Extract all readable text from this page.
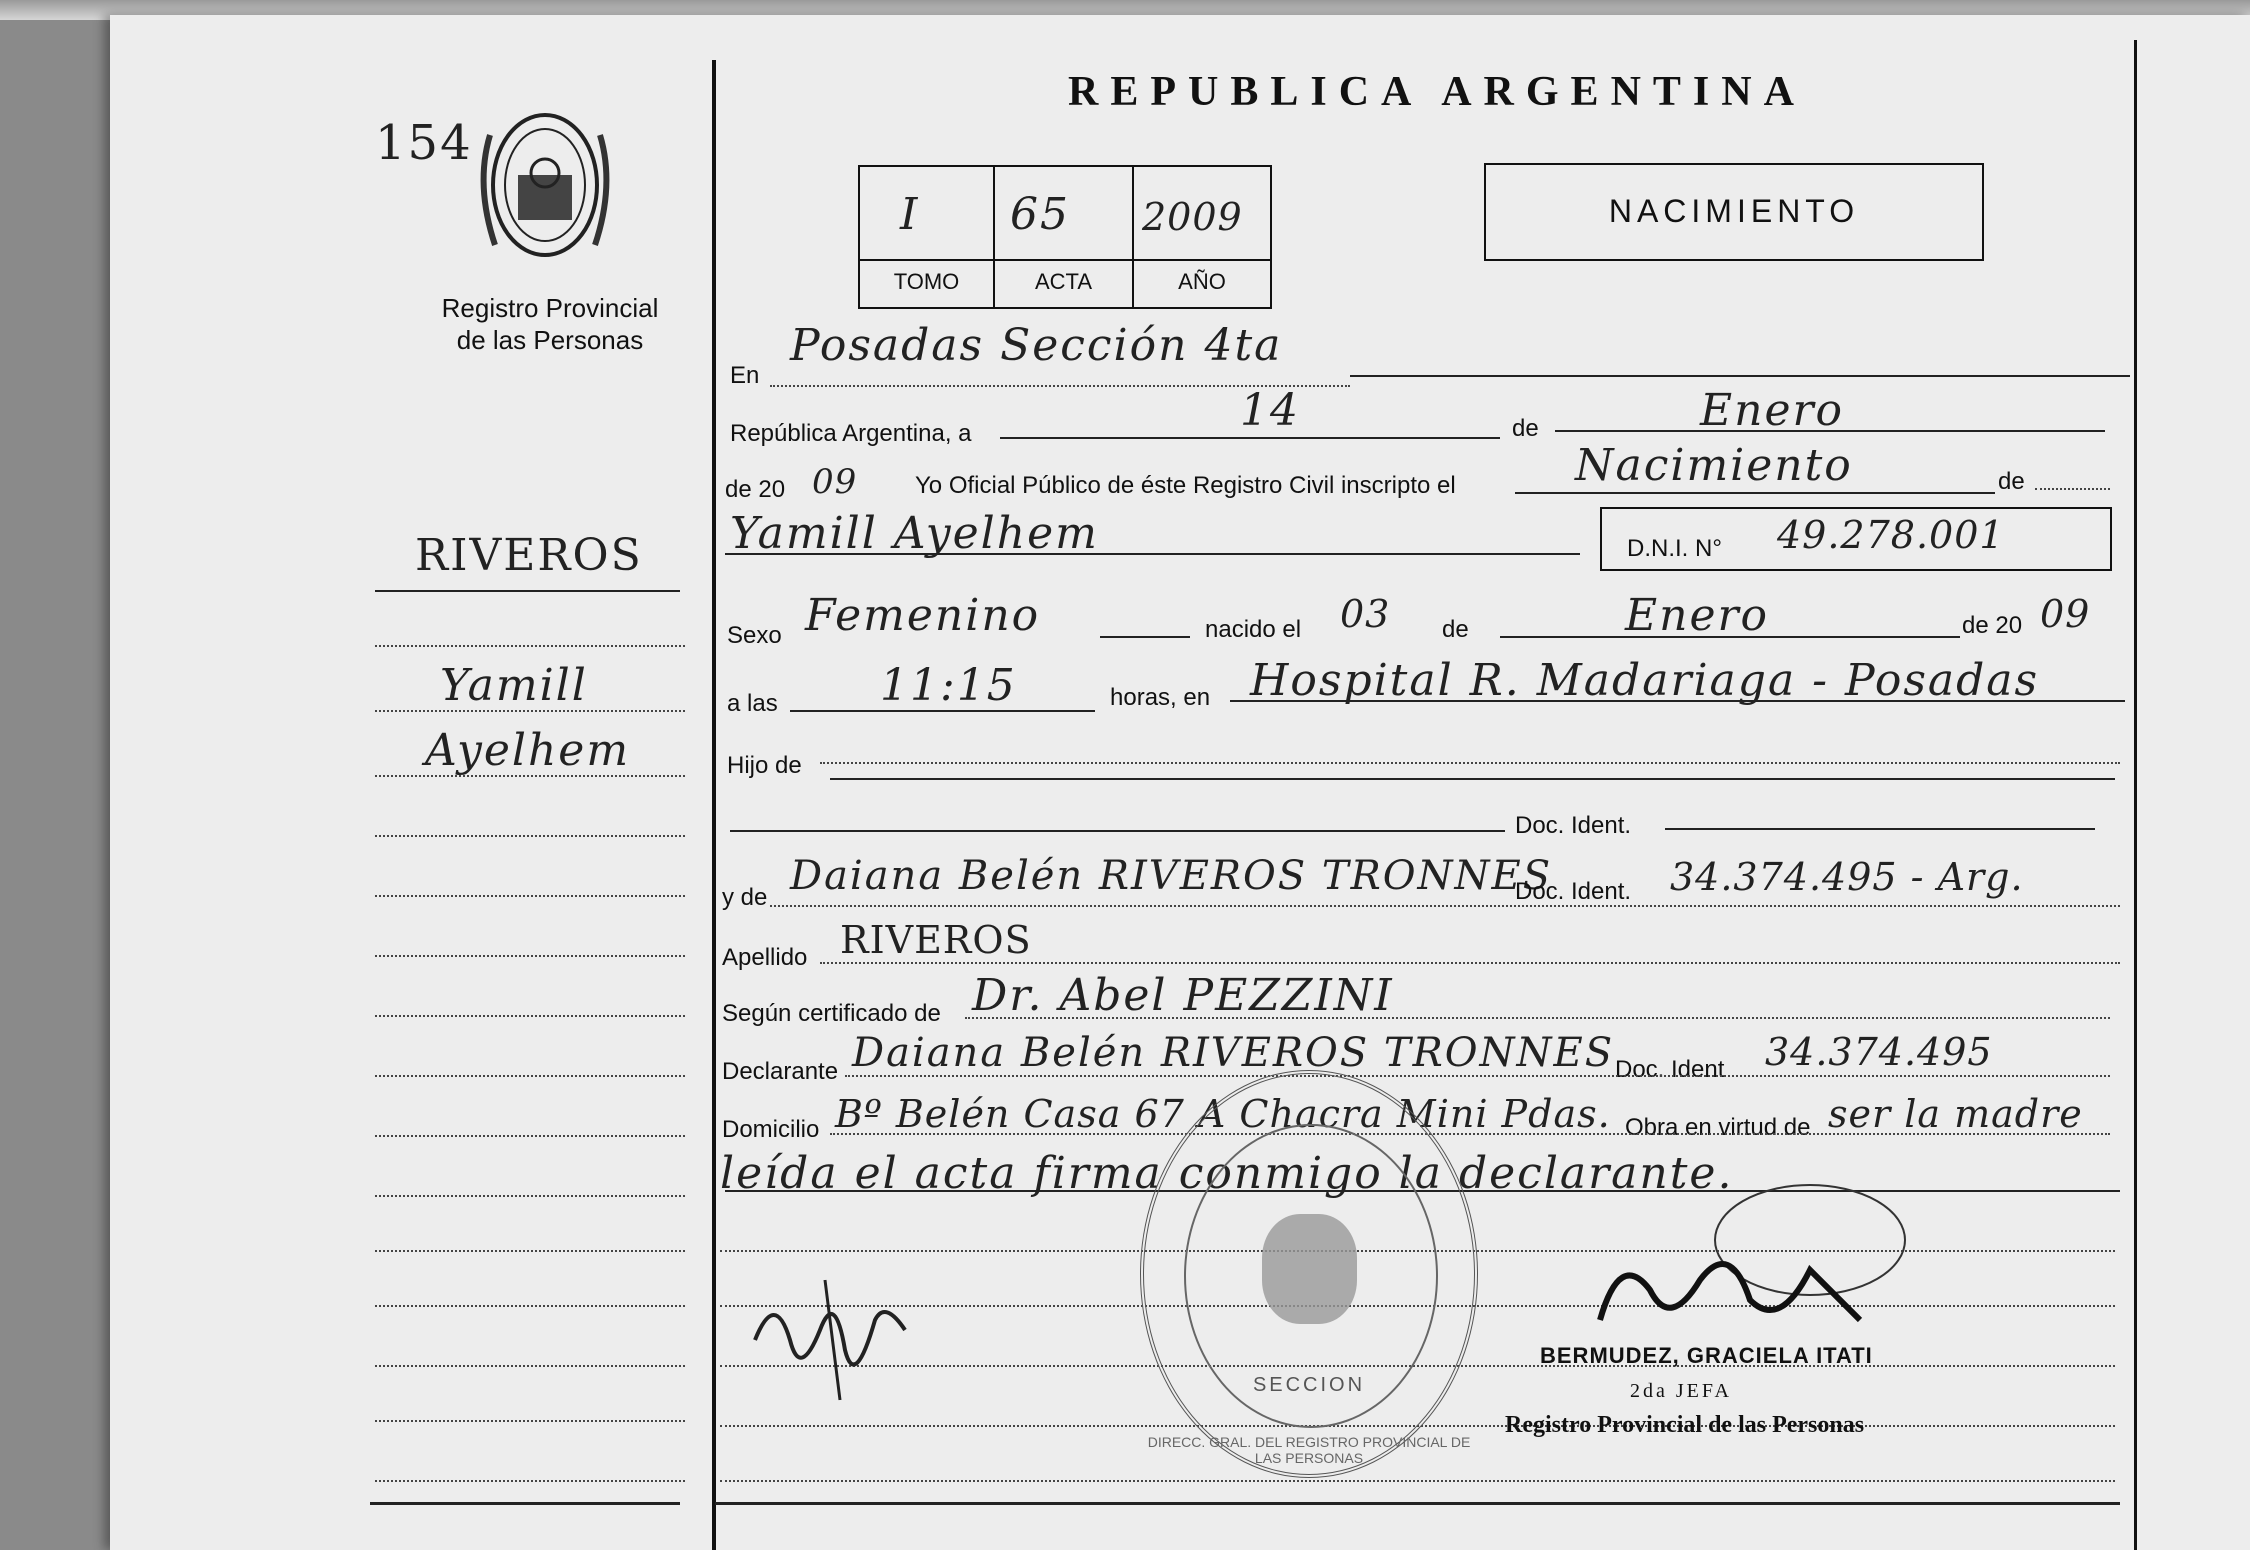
154
Registro Provincial
de las Personas
REPUBLICA ARGENTINA
I 65 2009
TOMO	ACTA	AÑO
NACIMIENTO
RIVEROS
Yamill
Ayelhem
En
Posadas Sección 4ta
República Argentina, a	14	de	Enero
de 20 09 Yo Oficial Público de éste Registro Civil inscripto el	Nacimiento	de
Yamill Ayelhem	D.N.I. N° 49.278.001
Sexo Femenino	nacido el 03 de	Enero	de 20 09
a las 11:15	horas, en Hospital R. Madariaga - Posadas
Hijo de
Doc. Ident.
y de Daiana Belén RIVEROS TRONNES
Doc. Ident. 34.374.495 - Arg.
Apellido RIVEROS
Según certificado de Dr. Abel PEZZINI
Declarante Daiana Belén RIVEROS TRONNES Doc. Ident 34.374.495
Domicilio Bº Belén Casa 67 A Chacra Mini Pdas. Obra en virtud de ser la madre
leída el acta firma conmigo la declarante.
SECCION
DIRECC. GRAL. DEL REGISTRO PROVINCIAL DE LAS PERSONAS
BERMUDEZ, GRACIELA ITATI
2da JEFA
Registro Provincial de las Personas
